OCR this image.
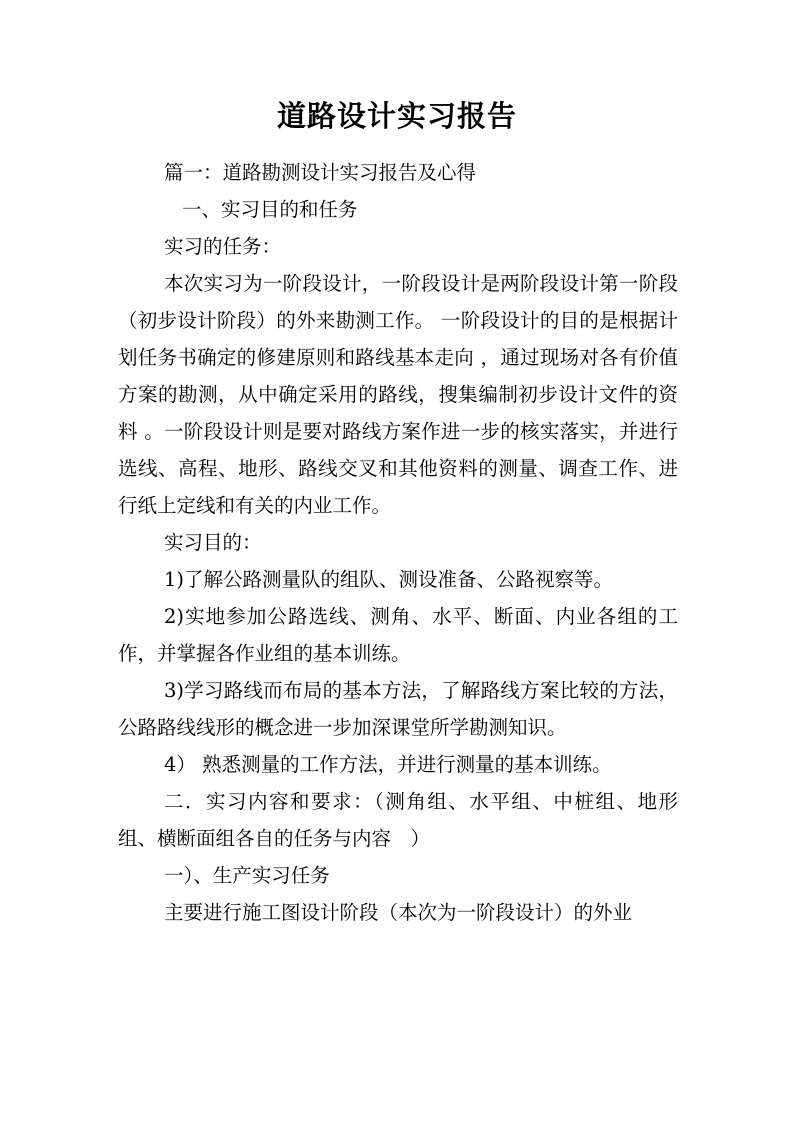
道路设计实习报告

篇一：道路勘测设计实习报告及心得

一、实习目的和任务

实习的任务：

本次实习为一阶段设计，一阶段设计是两阶段设计第一阶段（初步设计阶段）的外来勘测工作。 一阶段设计的目的是根据计划任务书确定的修建原则和路线基本走向 ，通过现场对各有价值方案的勘测，从中确定采用的路线，搜集编制初步设计文件的资料 。一阶段设计则是要对路线方案作进一步的核实落实，并进行选线、高程、地形、路线交叉和其他资料的测量、调查工作、进行纸上定线和有关的内业工作。

实习目的：

1)了解公路测量队的组队、测设准备、公路视察等。

2)实地参加公路选线、测角、水平、断面、内业各组的工作，并掌握各作业组的基本训练。

3)学习路线而布局的基本方法，了解路线方案比较的方法，公路路线线形的概念进一步加深课堂所学勘测知识。

4） 熟悉测量的工作方法，并进行测量的基本训练。

二．实习内容和要求：（测角组、水平组、中桩组、地形组、横断面组各自的任务与内容　）

一）、生产实习任务

主要进行施工图设计阶段（本次为一阶段设计）的外业
